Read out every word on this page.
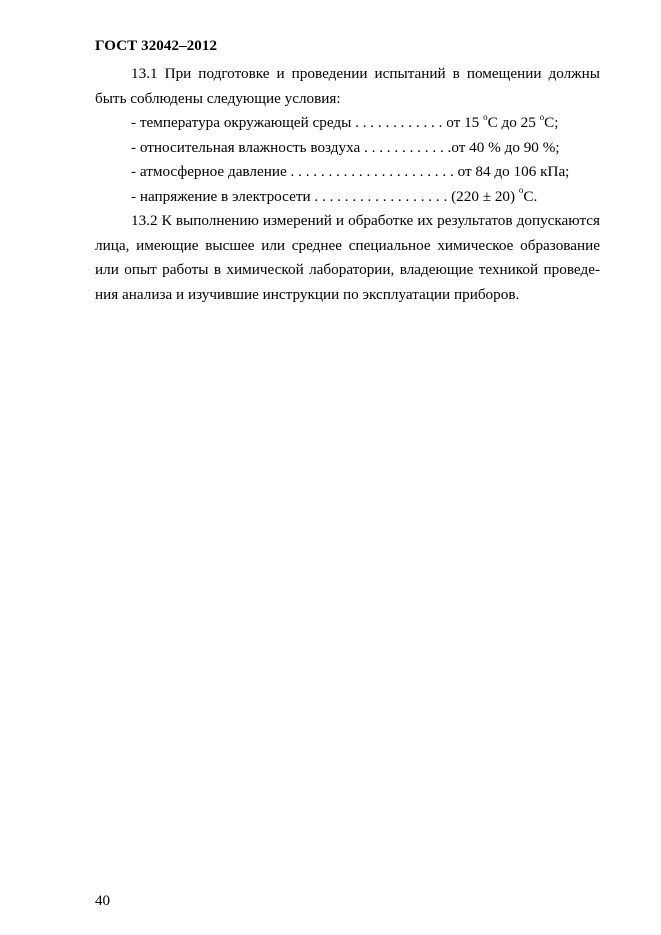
ГОСТ 32042–2012

13.1 При подготовке и проведении испытаний в помещении должны быть соблюдены следующие условия:

- температура окружающей среды . . . . . . . . . . . . от 15 $^o$С до 25 $^o$С;

- относительная влажность воздуха . . . . . . . . . . . .от 40 % до 90 %;

- атмосферное давление . . . . . . . . . . . . . . . . . . . . . . от 84 до 106 кПа;

- напряжение в электросети . . . . . . . . . . . . . . . . . . (220 ± 20) $^o$С.

13.2 К выполнению измерений и обработке их результатов допускаются лица, имеющие высшее или среднее специальное химическое образование или опыт работы в химической лаборатории, владеющие техникой проведения анализа и изучившие инструкции по эксплуатации приборов.

40
